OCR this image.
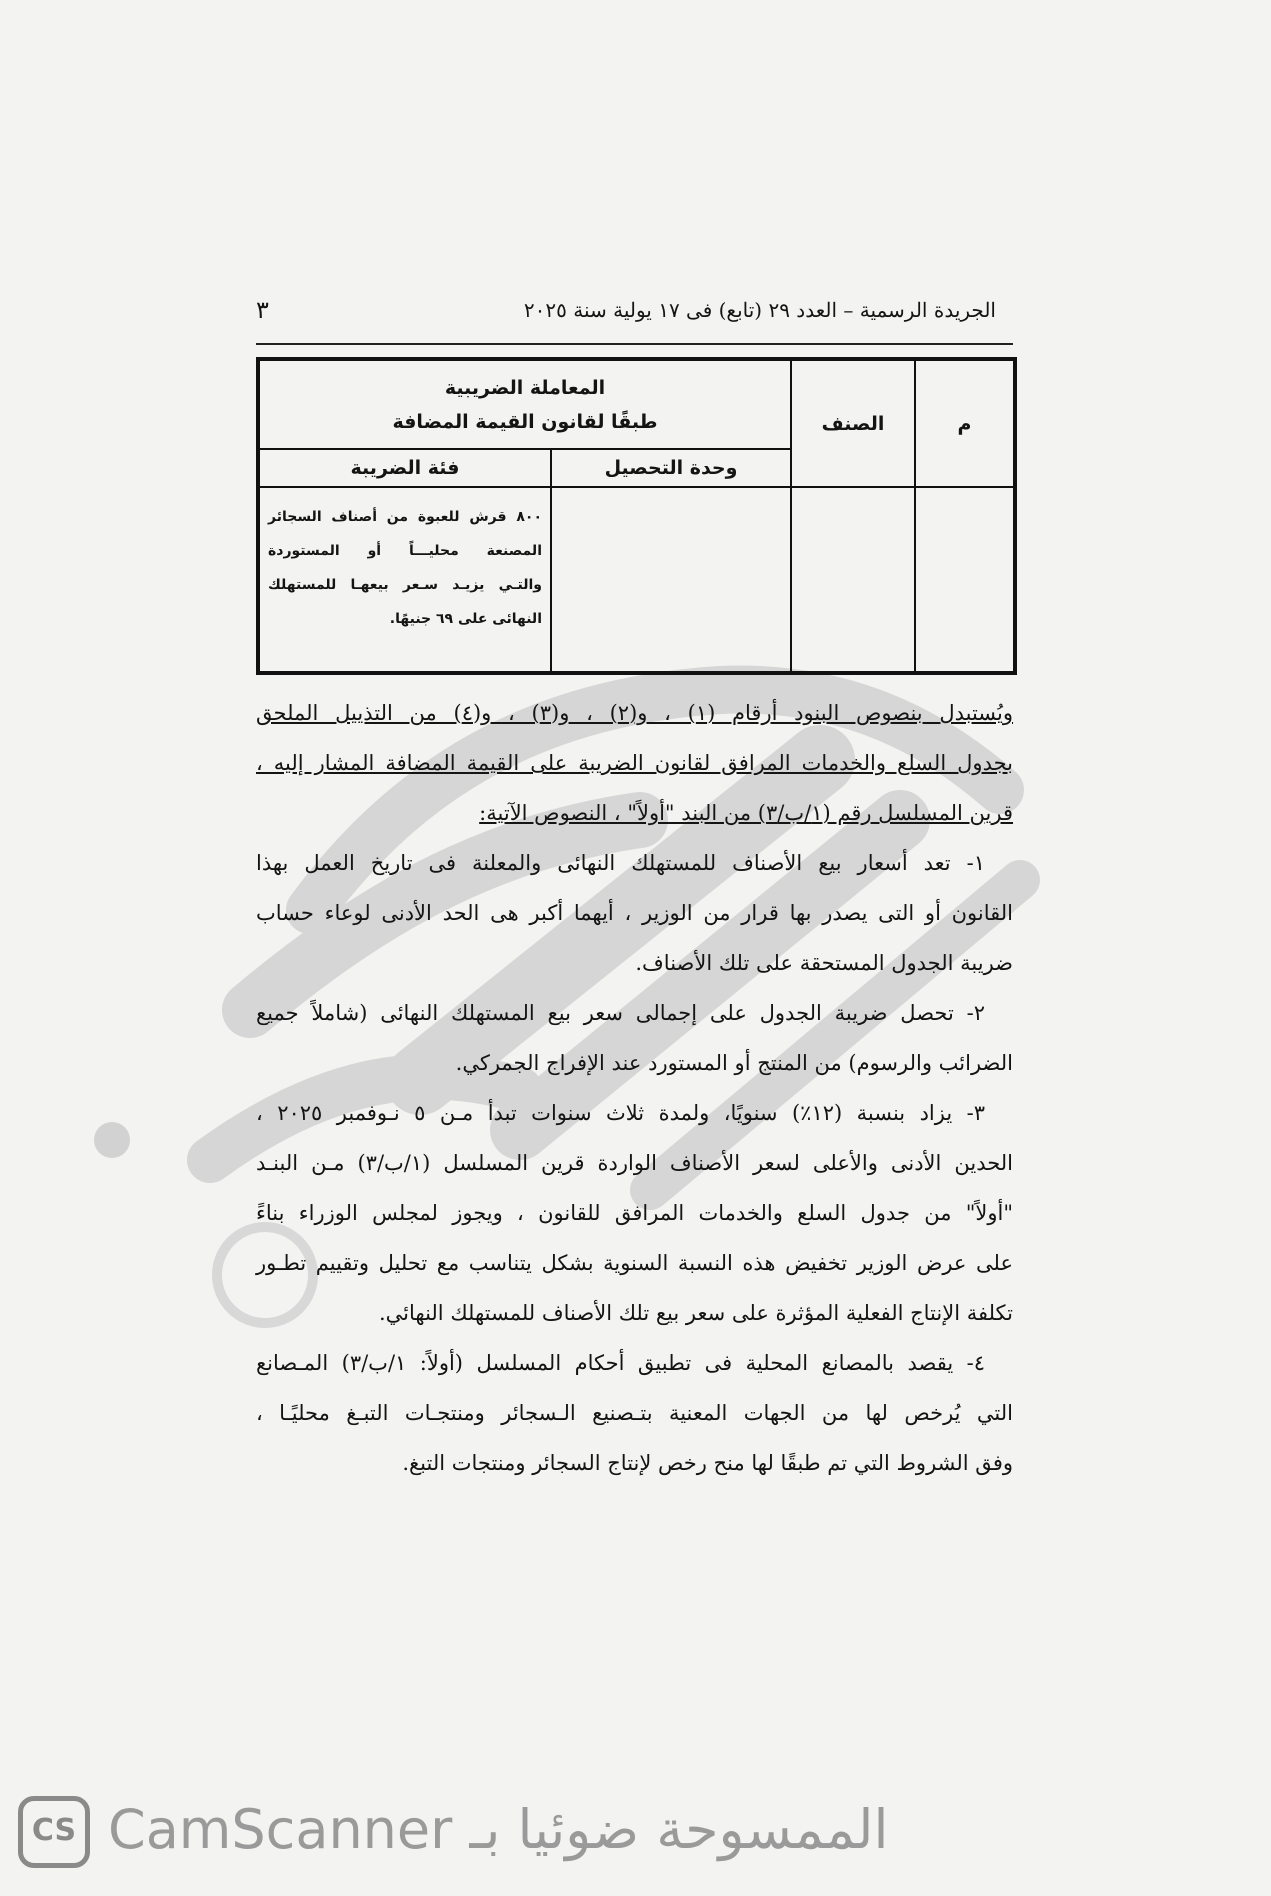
الجريدة الرسمية – العدد ٢٩ (تابع) فى ١٧ يولية سنة ٢٠٢٥
٣
م	الصنف	المعاملة الضريبية
طبقًا لقانون القيمة المضافة	

		وحدة التحصيل	فئة الضريبة

			٨٠٠ قرش للعبوة من أصناف السجائر
المصنعة محليـــاً أو المستوردة
والتـي يزيـد سـعر بيعهـا للمستهلك
النهائى على ٦٩ جنيهًا.
ويُستبدل بنصوص البنود أرقام (١) ، و(٢) ، و(٣) ، و(٤) من التذييل الملحق
بجدول السلع والخدمات المرافق لقانون الضريبة على القيمة المضافة المشار إليه ،
قرين المسلسل رقم (١/ب/٣) من البند "أولاً" ، النصوص الآتية:
١- تعد أسعار بيع الأصناف للمستهلك النهائى والمعلنة فى تاريخ العمل بهذا
القانون أو التى يصدر بها قرار من الوزير ، أيهما أكبر هى الحد الأدنى لوعاء حساب
ضريبة الجدول المستحقة على تلك الأصناف.
٢- تحصل ضريبة الجدول على إجمالى سعر بيع المستهلك النهائى (شاملاً جميع
الضرائب والرسوم) من المنتج أو المستورد عند الإفراج الجمركي.
٣- يزاد بنسبة (١٢٪) سنويًا، ولمدة ثلاث سنوات تبدأ مـن ٥ نـوفمبر ٢٠٢٥ ،
الحدين الأدنى والأعلى لسعر الأصناف الواردة قرين المسلسل (١/ب/٣) مـن البنـد
"أولاً" من جدول السلع والخدمات المرافق للقانون ، ويجوز لمجلس الوزراء بناءً
على عرض الوزير تخفيض هذه النسبة السنوية بشكل يتناسب مع تحليل وتقييم تطـور
تكلفة الإنتاج الفعلية المؤثرة على سعر بيع تلك الأصناف للمستهلك النهائي.
٤- يقصد بالمصانع المحلية فى تطبيق أحكام المسلسل (أولاً: ١/ب/٣) المـصانع
التي يُرخص لها من الجهات المعنية بتـصنيع الـسجائر ومنتجـات التبـغ محليًـا ،
وفق الشروط التي تم طبقًا لها منح رخص لإنتاج السجائر ومنتجات التبغ.
CS الممسوحة ضوئيا بـ CamScanner
